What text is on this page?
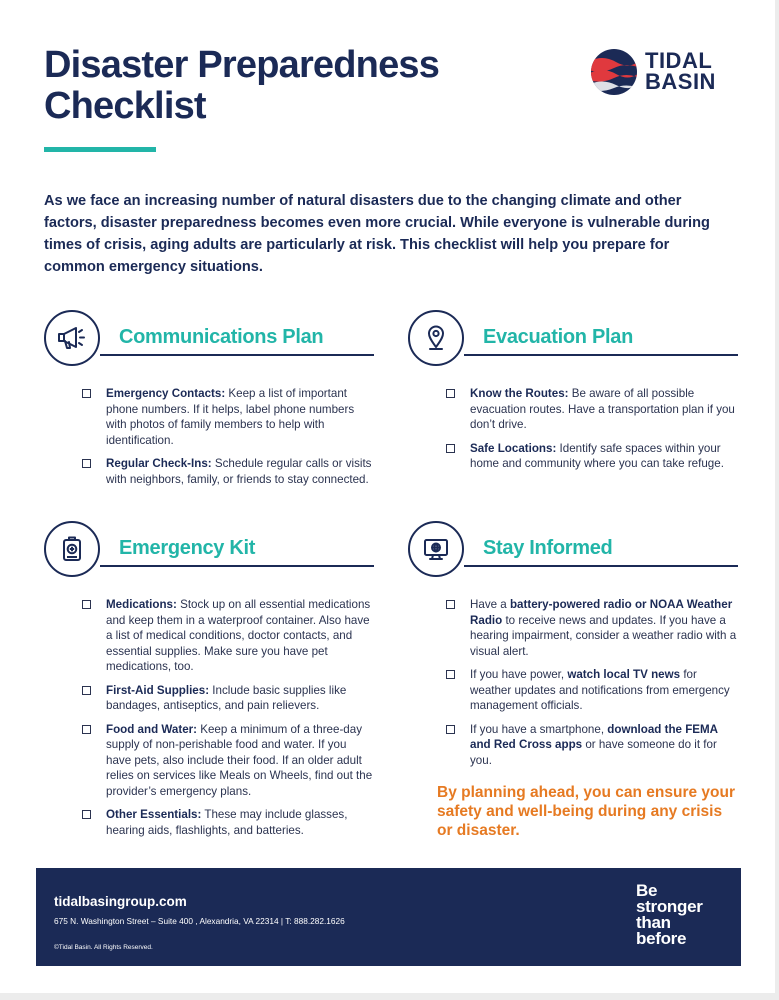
Disaster Preparedness
Checklist
TIDAL
BASIN

As we face an increasing number of natural disasters due to the changing climate and other factors, disaster preparedness becomes even more crucial. While everyone is vulnerable during times of crisis, aging adults are particularly at risk. This checklist will help you prepare for common emergency situations.

Communications Plan
Emergency Contacts: Keep a list of important phone numbers. If it helps, label phone numbers with photos of family members to help with identification.
Regular Check-Ins: Schedule regular calls or visits with neighbors, family, or friends to stay connected.
Evacuation Plan
Know the Routes: Be aware of all possible evacuation routes. Have a transportation plan if you don’t drive.
Safe Locations: Identify safe spaces within your home and community where you can take refuge.
Emergency Kit
Medications: Stock up on all essential medications and keep them in a waterproof container. Also have a list of medical conditions, doctor contacts, and essential supplies. Make sure you have pet medications, too.
First-Aid Supplies: Include basic supplies like bandages, antiseptics, and pain relievers.
Food and Water: Keep a minimum of a three-day supply of non-perishable food and water. If you have pets, also include their food. If an older adult relies on services like Meals on Wheels, find out the provider’s emergency plans.
Other Essentials: These may include glasses, hearing aids, flashlights, and batteries.
Stay Informed
Have a battery-powered radio or NOAA Weather Radio to receive news and updates. If you have a hearing impairment, consider a weather radio with a visual alert.
If you have power, watch local TV news for weather updates and notifications from emergency management officials.
If you have a smartphone, download the FEMA and Red Cross apps or have someone do it for you.

By planning ahead, you can ensure your safety and well-being during any crisis or disaster.

tidalbasingroup.com
675 N. Washington Street – Suite 400 , Alexandria, VA 22314 | T: 888.282.1626
©Tidal Basin. All Rights Reserved.
Be
stronger
than
before
